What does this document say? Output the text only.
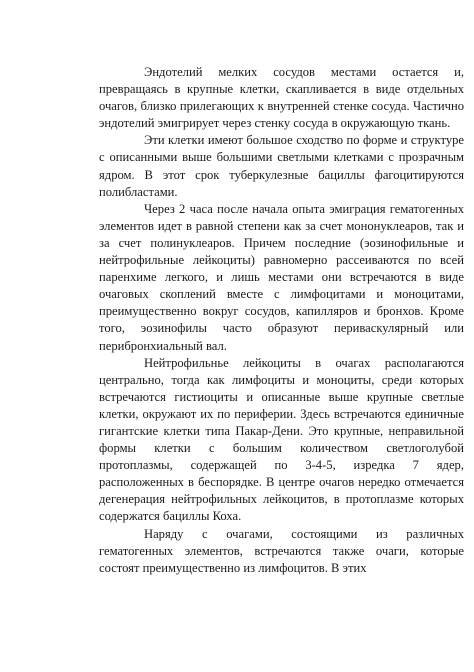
Эндотелий мелких сосудов местами остается и, превращаясь в крупные клетки, скапливается в виде отдельных очагов, близко прилегающих к внутренней стенке сосуда. Частично эндотелий эмигрирует через стенку сосуда в окружающую ткань.

Эти клетки имеют большое сходство по форме и структуре с описанными выше большими светлыми клетками с прозрачным ядром. В этот срок туберкулезные бациллы фагоцитируются полибластами.

Через 2 часа после начала опыта эмиграция гематогенных элементов идет в равной степени как за счет мононуклеаров, так и за счет полинуклеаров. Причем последние (эозинофильные и нейтрофильные лейкоциты) равномерно рассеиваются по всей паренхиме легкого, и лишь местами они встречаются в виде очаговых скоплений вместе с лимфоцитами и моноцитами, преимущественно вокруг сосудов, капилляров и бронхов. Кроме того, эозинофилы часто образуют периваскулярный или перибронхиальный вал.

Нейтрофильнье лейкоциты в очагах располагаются центрально, тогда как лимфоциты и моноциты, среди которых встречаются гистиоциты и описанные выше крупные светлые клетки, окружают их по периферии. Здесь встречаются единичные гигантские клетки типа Пакар-Дени. Это крупные, неправильной формы клетки с большим количеством светлоголубой протоплазмы, содержащей по 3-4-5, изредка 7 ядер, расположенных в беспорядке. В центре очагов нередко отмечается дегенерация нейтрофильных лейкоцитов, в протоплазме которых содержатся бациллы Коха.

Наряду с очагами, состоящими из различных гематогенных элементов, встречаются также очаги, которые состоят преимущественно из лимфоцитов. В этих
